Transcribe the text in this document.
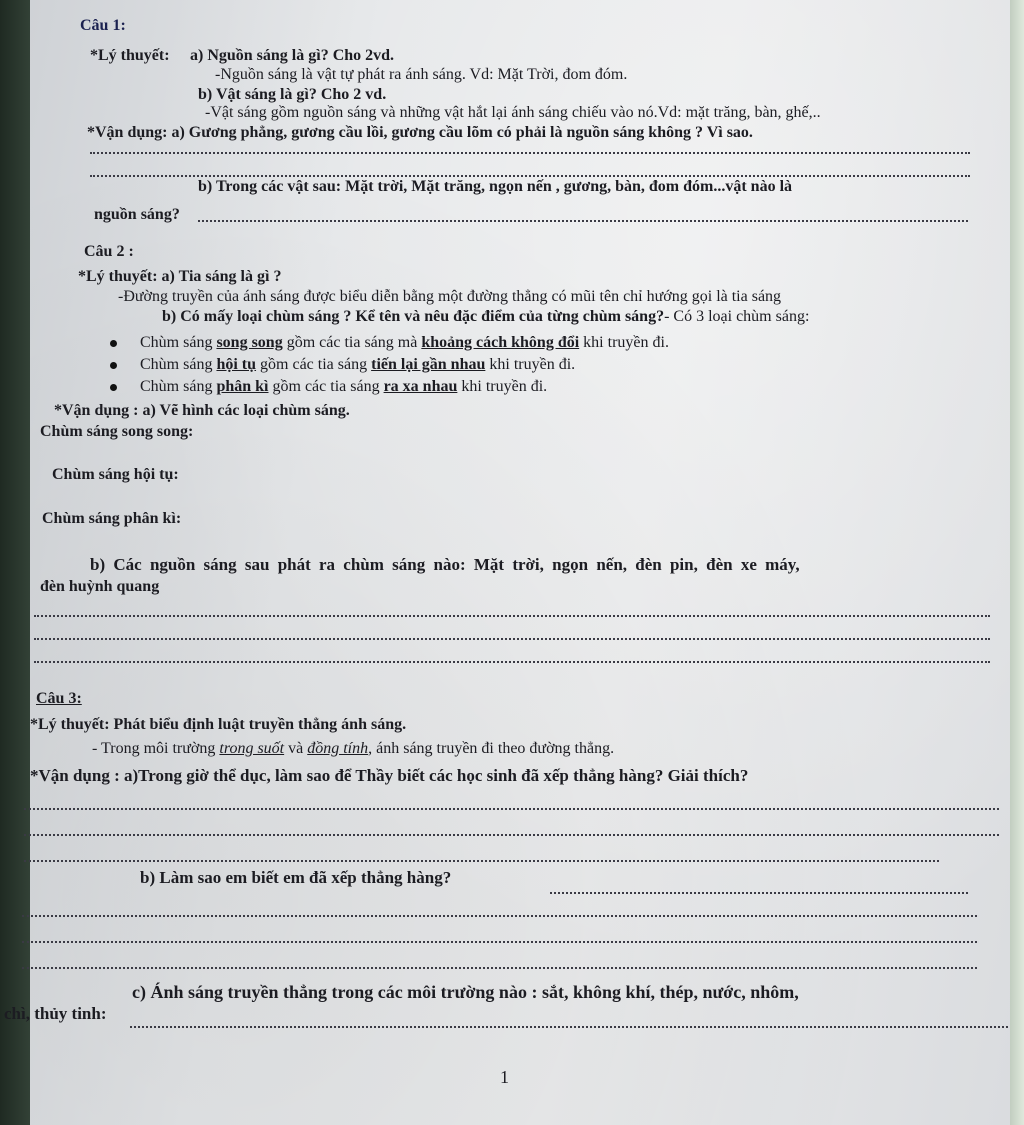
Câu 1:
*Lý thuyết: a) Nguồn sáng là gì? Cho 2vd.
-Nguồn sáng là vật tự phát ra ánh sáng. Vd: Mặt Trời, đom đóm.
b) Vật sáng là gì? Cho 2 vd.
-Vật sáng gồm nguồn sáng và những vật hắt lại ánh sáng chiếu vào nó.Vd: mặt trăng, bàn, ghế,..
*Vận dụng: a) Gương phẳng, gương cầu lồi, gương cầu lõm có phải là nguồn sáng không ? Vì sao.
b) Trong các vật sau: Mặt trời, Mặt trăng, ngọn nến , gương, bàn, đom đóm...vật nào là
nguồn sáng?
Câu 2 :
*Lý thuyết: a) Tia sáng là gì ?
-Đường truyền của ánh sáng được biểu diễn bằng một đường thẳng có mũi tên chỉ hướng gọi là tia sáng
b) Có mấy loại chùm sáng ? Kể tên và nêu đặc điểm của từng chùm sáng?- Có 3 loại chùm sáng:
Chùm sáng song song gồm các tia sáng mà khoảng cách không đổi khi truyền đi.
Chùm sáng hội tụ gồm các tia sáng tiến lại gần nhau khi truyền đi.
Chùm sáng phân kì gồm các tia sáng ra xa nhau khi truyền đi.
*Vận dụng : a) Vẽ hình các loại chùm sáng.
Chùm sáng song song:
Chùm sáng hội tụ:
Chùm sáng phân kì:
b) Các nguồn sáng sau phát ra chùm sáng nào: Mặt trời, ngọn nến, đèn pin, đèn xe máy,
đèn huỳnh quang
Câu 3:
*Lý thuyết: Phát biểu định luật truyền thẳng ánh sáng.
- Trong môi trường trong suốt và đồng tính, ánh sáng truyền đi theo đường thẳng.
*Vận dụng : a)Trong giờ thể dục, làm sao để Thầy biết các học sinh đã xếp thẳng hàng? Giải thích?
b) Làm sao em biết em đã xếp thẳng hàng?
c) Ánh sáng truyền thẳng trong các môi trường nào : sắt, không khí, thép, nước, nhôm,
chì, thủy tinh:
1
